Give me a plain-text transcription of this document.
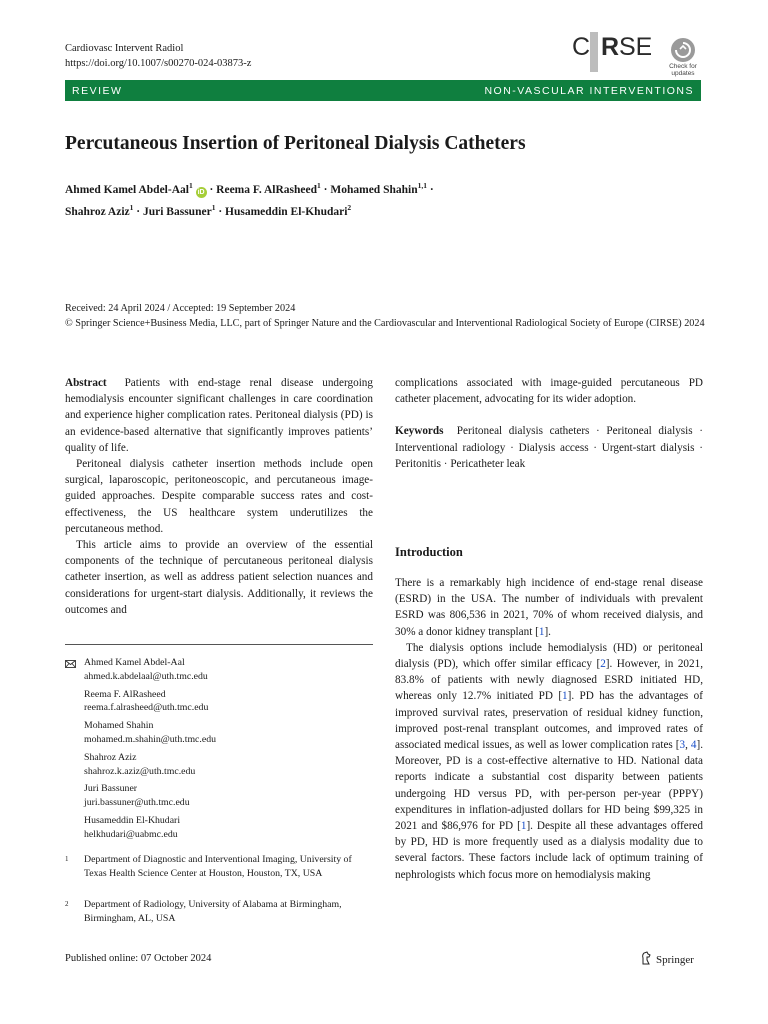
Cardiovasc Intervent Radiol
https://doi.org/10.1007/s00270-024-03873-z
C R SE
Check for
updates
REVIEW	NON-VASCULAR INTERVENTIONS
Percutaneous Insertion of Peritoneal Dialysis Catheters
Ahmed Kamel Abdel-Aal$^1$ iD · Reema F. AlRasheed$^1$ · Mohamed Shahin$^{1,1}$ ·
Shahroz Aziz$^1$ · Juri Bassuner$^1$ · Husameddin El-Khudari$^2$
Received: 24 April 2024 / Accepted: 19 September 2024
© Springer Science+Business Media, LLC, part of Springer Nature and the Cardiovascular and Interventional Radiological Society of Europe (CIRSE) 2024

Abstract Patients with end-stage renal disease undergoing hemodialysis encounter significant challenges in care coordination and experience higher complication rates. Peritoneal dialysis (PD) is an evidence-based alternative that significantly improves patients’ quality of life.

Peritoneal dialysis catheter insertion methods include open surgical, laparoscopic, peritoneoscopic, and percutaneous image-guided approaches. Despite comparable success rates and cost-effectiveness, the US healthcare system underutilizes the percutaneous method.

This article aims to provide an overview of the essential components of the technique of percutaneous peritoneal dialysis catheter insertion, as well as address patient selection nuances and considerations for urgent-start dialysis. Additionally, it reviews the outcomes and

Ahmed Kamel Abdel-Aal
ahmed.k.abdelaal@uth.tmc.edu
Reema F. AlRasheed
reema.f.alrasheed@uth.tmc.edu
Mohamed Shahin
mohamed.m.shahin@uth.tmc.edu
Shahroz Aziz
shahroz.k.aziz@uth.tmc.edu
Juri Bassuner
juri.bassuner@uth.tmc.edu
Husameddin El-Khudari
helkhudari@uabmc.edu
1	Department of Diagnostic and Interventional Imaging, University of Texas Health Science Center at Houston, Houston, TX, USA
2	Department of Radiology, University of Alabama at Birmingham, Birmingham, AL, USA

complications associated with image-guided percutaneous PD catheter placement, advocating for its wider adoption.

Keywords Peritoneal dialysis catheters · Peritoneal dialysis · Interventional radiology · Dialysis access · Urgent-start dialysis · Peritonitis · Pericatheter leak

Introduction

There is a remarkably high incidence of end-stage renal disease (ESRD) in the USA. The number of individuals with prevalent ESRD was 806,536 in 2021, 70% of whom received dialysis, and 30% a donor kidney transplant [1].

The dialysis options include hemodialysis (HD) or peritoneal dialysis (PD), which offer similar efficacy [2]. However, in 2021, 83.8% of patients with newly diagnosed ESRD initiated HD, whereas only 12.7% initiated PD [1]. PD has the advantages of improved survival rates, preservation of residual kidney function, improved post-renal transplant outcomes, and improved rates of associated medical issues, as well as lower complication rates [3, 4]. Moreover, PD is a cost-effective alternative to HD. National data reports indicate a substantial cost disparity between patients undergoing HD versus PD, with per-person per-year (PPPY) expenditures in inflation-adjusted dollars for HD being $99,325 in 2021 and $86,976 for PD [1]. Despite all these advantages offered by PD, HD is more frequently used as a dialysis modality due to several factors. These factors include lack of optimum training of nephrologists which focus more on hemodialysis making

Published online: 07 October 2024	Springer
